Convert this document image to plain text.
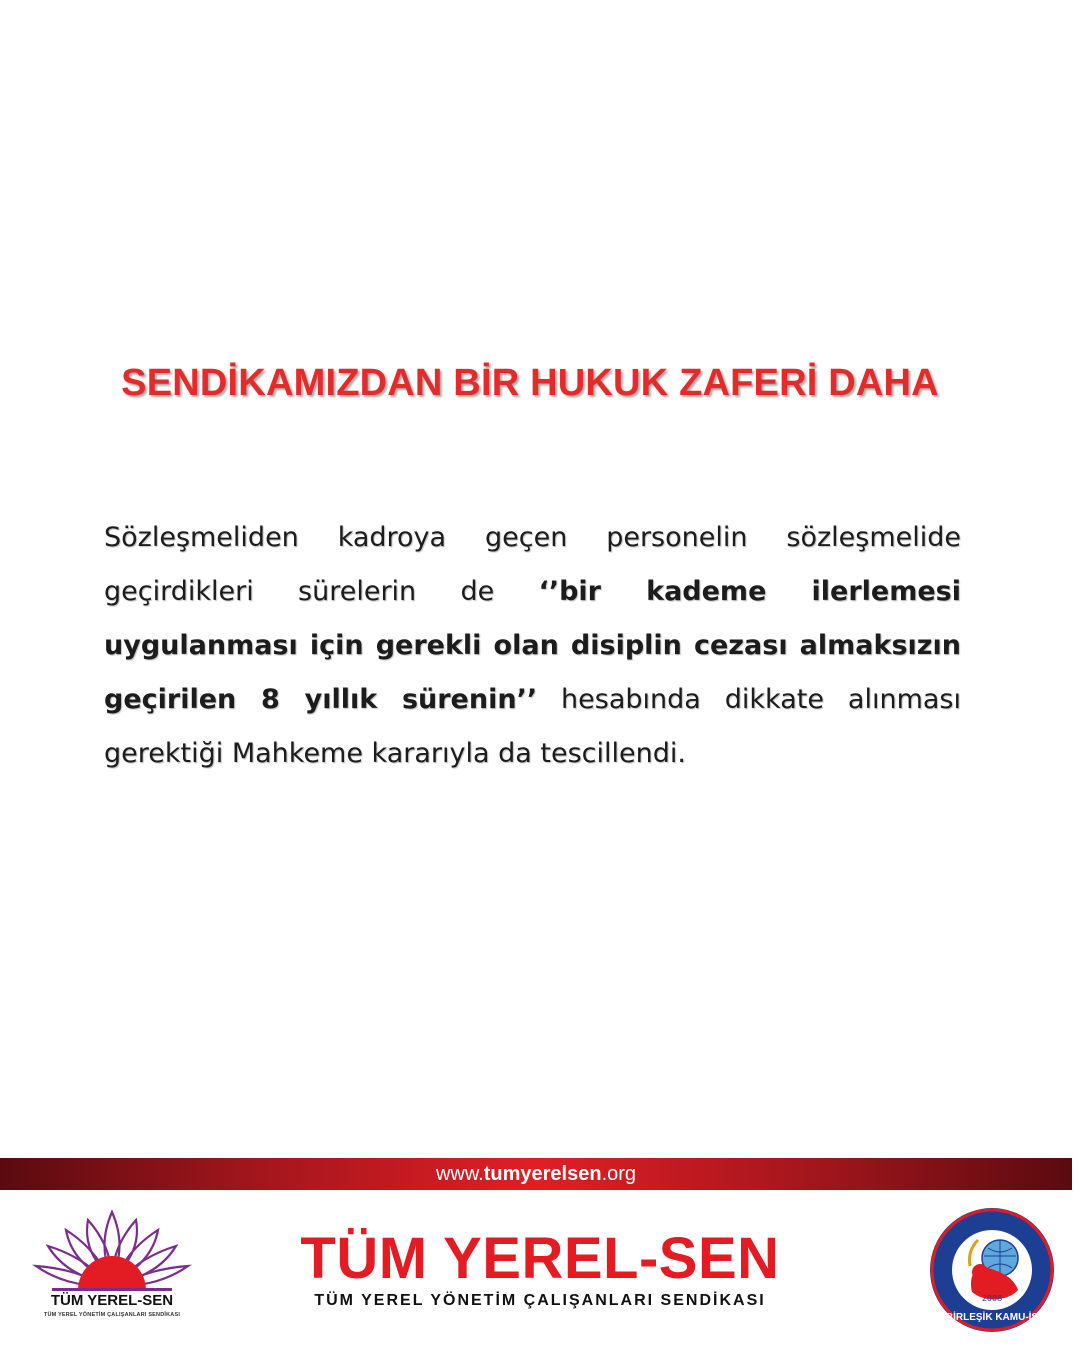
SENDİKAMIZDAN BİR HUKUK ZAFERİ DAHA
Sözleşmeliden kadroya geçen personelin sözleşmelide geçirdikleri sürelerin de ‘’bir kademe ilerlemesi uygulanması için gerekli olan disiplin cezası almaksızın geçirilen 8 yıllık sürenin’’ hesabında dikkate alınması gerektiği Mahkeme kararıyla da tescillendi.
www.tumyerelsen.org
TÜM YEREL-SEN
TÜM YEREL YÖNETİM ÇALIŞANLARI SENDİKASI
TÜM YEREL-SEN
TÜM YEREL YÖNETİM ÇALIŞANLARI SENDİKASI	2008
BİRLEŞİK KAMU-İŞ
